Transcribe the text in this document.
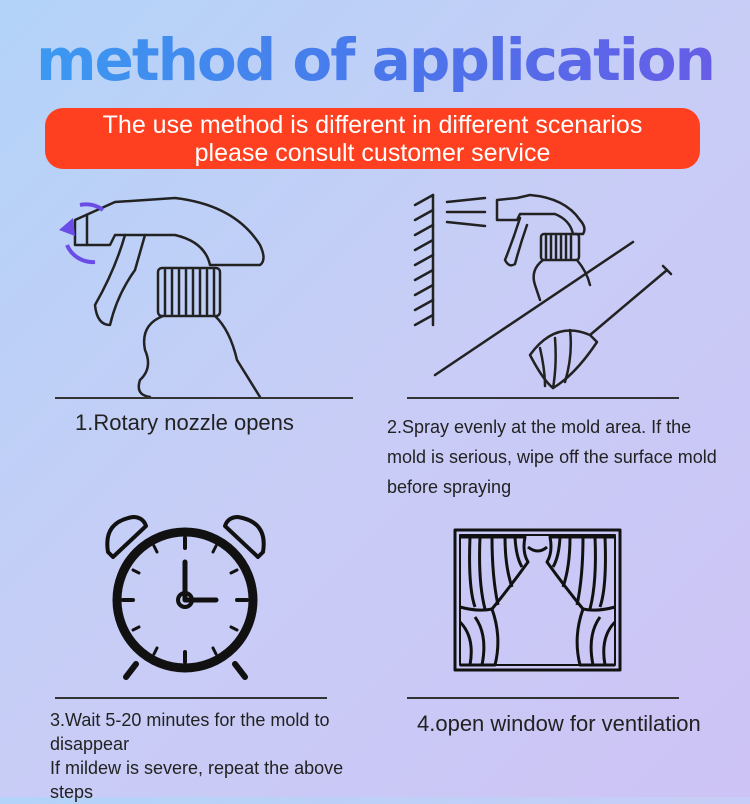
method of application
The use method is different in different scenarios
please consult customer service
1.Rotary nozzle opens	2.Spray evenly at the mold area. If the mold is serious, wipe off the surface mold before spraying
3.Wait 5-20 minutes for the mold to disappear
If mildew is severe, repeat the above steps
4.open window for ventilation
